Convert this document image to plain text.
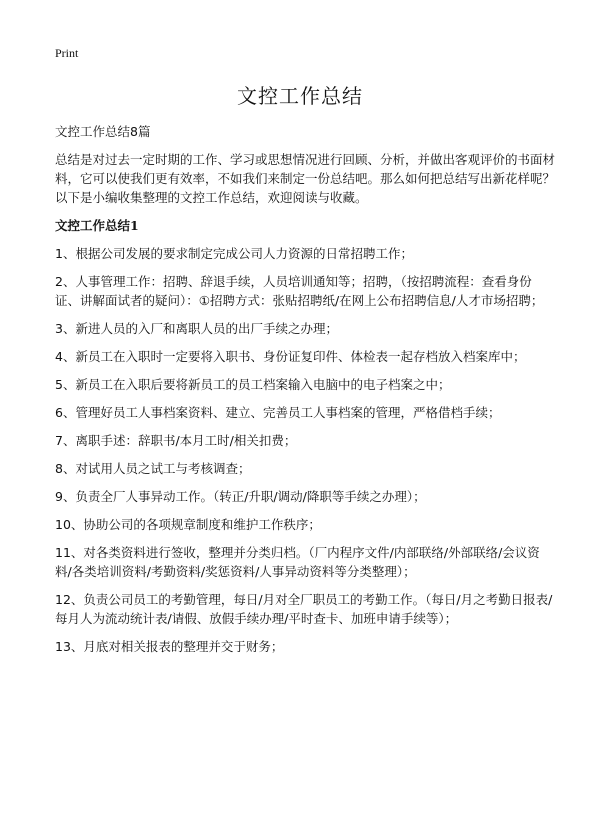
Print
文控工作总结

文控工作总结8篇

总结是对过去一定时期的工作、学习或思想情况进行回顾、分析，并做出客观评价的书面材料，它可以使我们更有效率，不如我们来制定一份总结吧。那么如何把总结写出新花样呢？以下是小编收集整理的文控工作总结，欢迎阅读与收藏。

文控工作总结1

1、根据公司发展的要求制定完成公司人力资源的日常招聘工作；

2、人事管理工作：招聘、辞退手续，人员培训通知等；招聘，（按招聘流程：查看身份证、讲解面试者的疑问）：①招聘方式：张贴招聘纸/在网上公布招聘信息/人才市场招聘；

3、新进人员的入厂和离职人员的出厂手续之办理；

4、新员工在入职时一定要将入职书、身份证复印件、体检表一起存档放入档案库中；

5、新员工在入职后要将新员工的员工档案输入电脑中的电子档案之中；

6、管理好员工人事档案资料、建立、完善员工人事档案的管理，严格借档手续；

7、离职手述：辞职书/本月工时/相关扣费；

8、对试用人员之试工与考核调查；

9、负责全厂人事异动工作。（转正/升职/调动/降职等手续之办理）；

10、协助公司的各项规章制度和维护工作秩序；

11、对各类资料进行签收，整理并分类归档。（厂内程序文件/内部联络/外部联络/会议资料/各类培训资料/考勤资料/奖惩资料/人事异动资料等分类整理）；

12、负责公司员工的考勤管理，每日/月对全厂职员工的考勤工作。（每日/月之考勤日报表/每月人为流动统计表/请假、放假手续办理/平时查卡、加班申请手续等）；

13、月底对相关报表的整理并交于财务；
